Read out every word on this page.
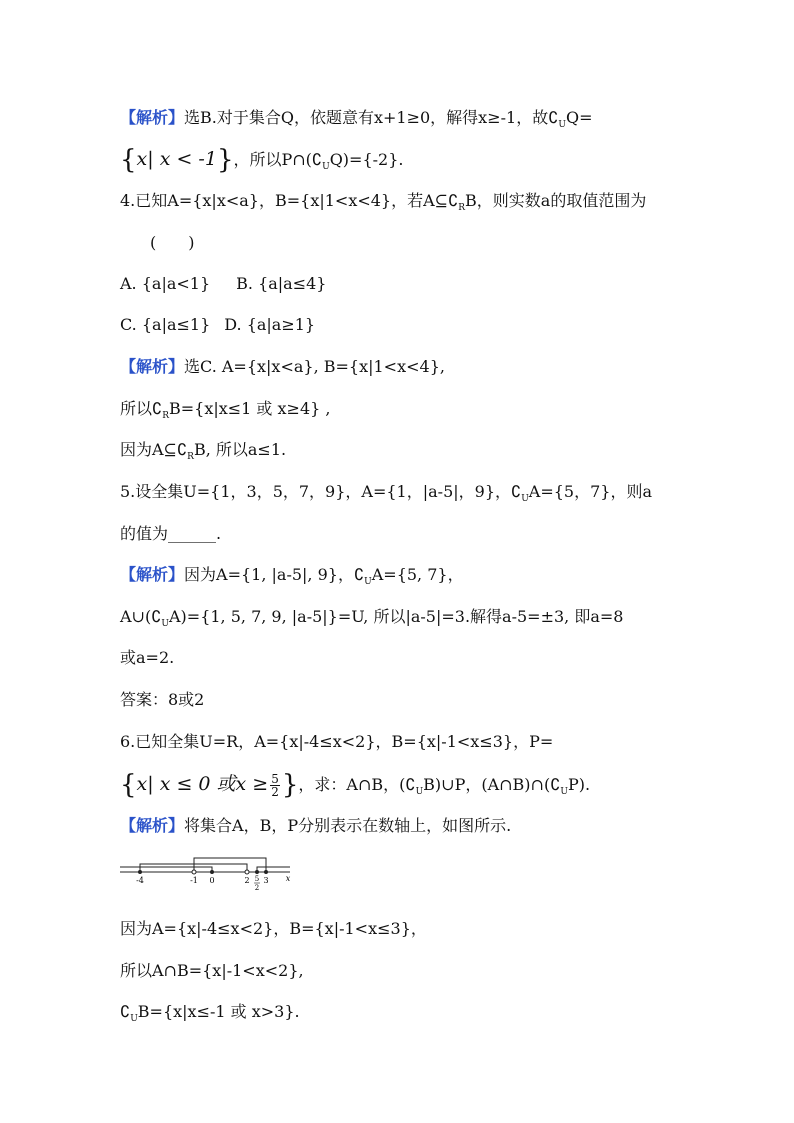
【解析】选B.对于集合Q，依题意有x+1≥0，解得x≥-1，故$∁_UQ=$

{x| x < -1}，所以$P\cap(∁_UQ)=\{-2\}$.

4.已知A={x|x<a}，B={x|1<x<4}，若$A⊆∁_RB$，则实数a的取值范围为

(　　)

A. {a|a<1} B. {a|a≤4}

C. {a|a≤1} D. {a|a≥1}

【解析】选C. A={x|x<a}, B={x|1<x<4},

所以$∁_RB=\{x|x\le 1$ 或 x≥4} ,

因为$A⊆∁_RB$, 所以a≤1.

5.设全集U={1，3，5，7，9}，A={1，|a-5|，9}，$∁_UA=\{5$，7}，则a

的值为______.

【解析】因为A={1, |a-5|, 9}，$∁_UA=\{5$, 7}，

$A\cup(∁_UA)=\{1$, 5, 7, 9, |a-5|}=U, 所以|a-5|=3.解得a-5=±3, 即a=8

或a=2.

答案：8或2

6.已知全集U=R，A={x|-4≤x<2}，B={x|-1<x≤3}，P=

{x| x ≤ 0 或$x \ge \frac{5}{2}$ }，求：A∩B，$(∁_UB)\cup P$，$(A\cap B)\cap(∁_UP)$.

【解析】将集合A，B，P分别表示在数轴上，如图所示.

-4	-1 0	2 5
2
3 x

因为A={x|-4≤x<2}，B={x|-1<x≤3}，

所以A∩B={x|-1<x<2},

$∁_UB=\{x|x\le-1$ 或 x>3}.
